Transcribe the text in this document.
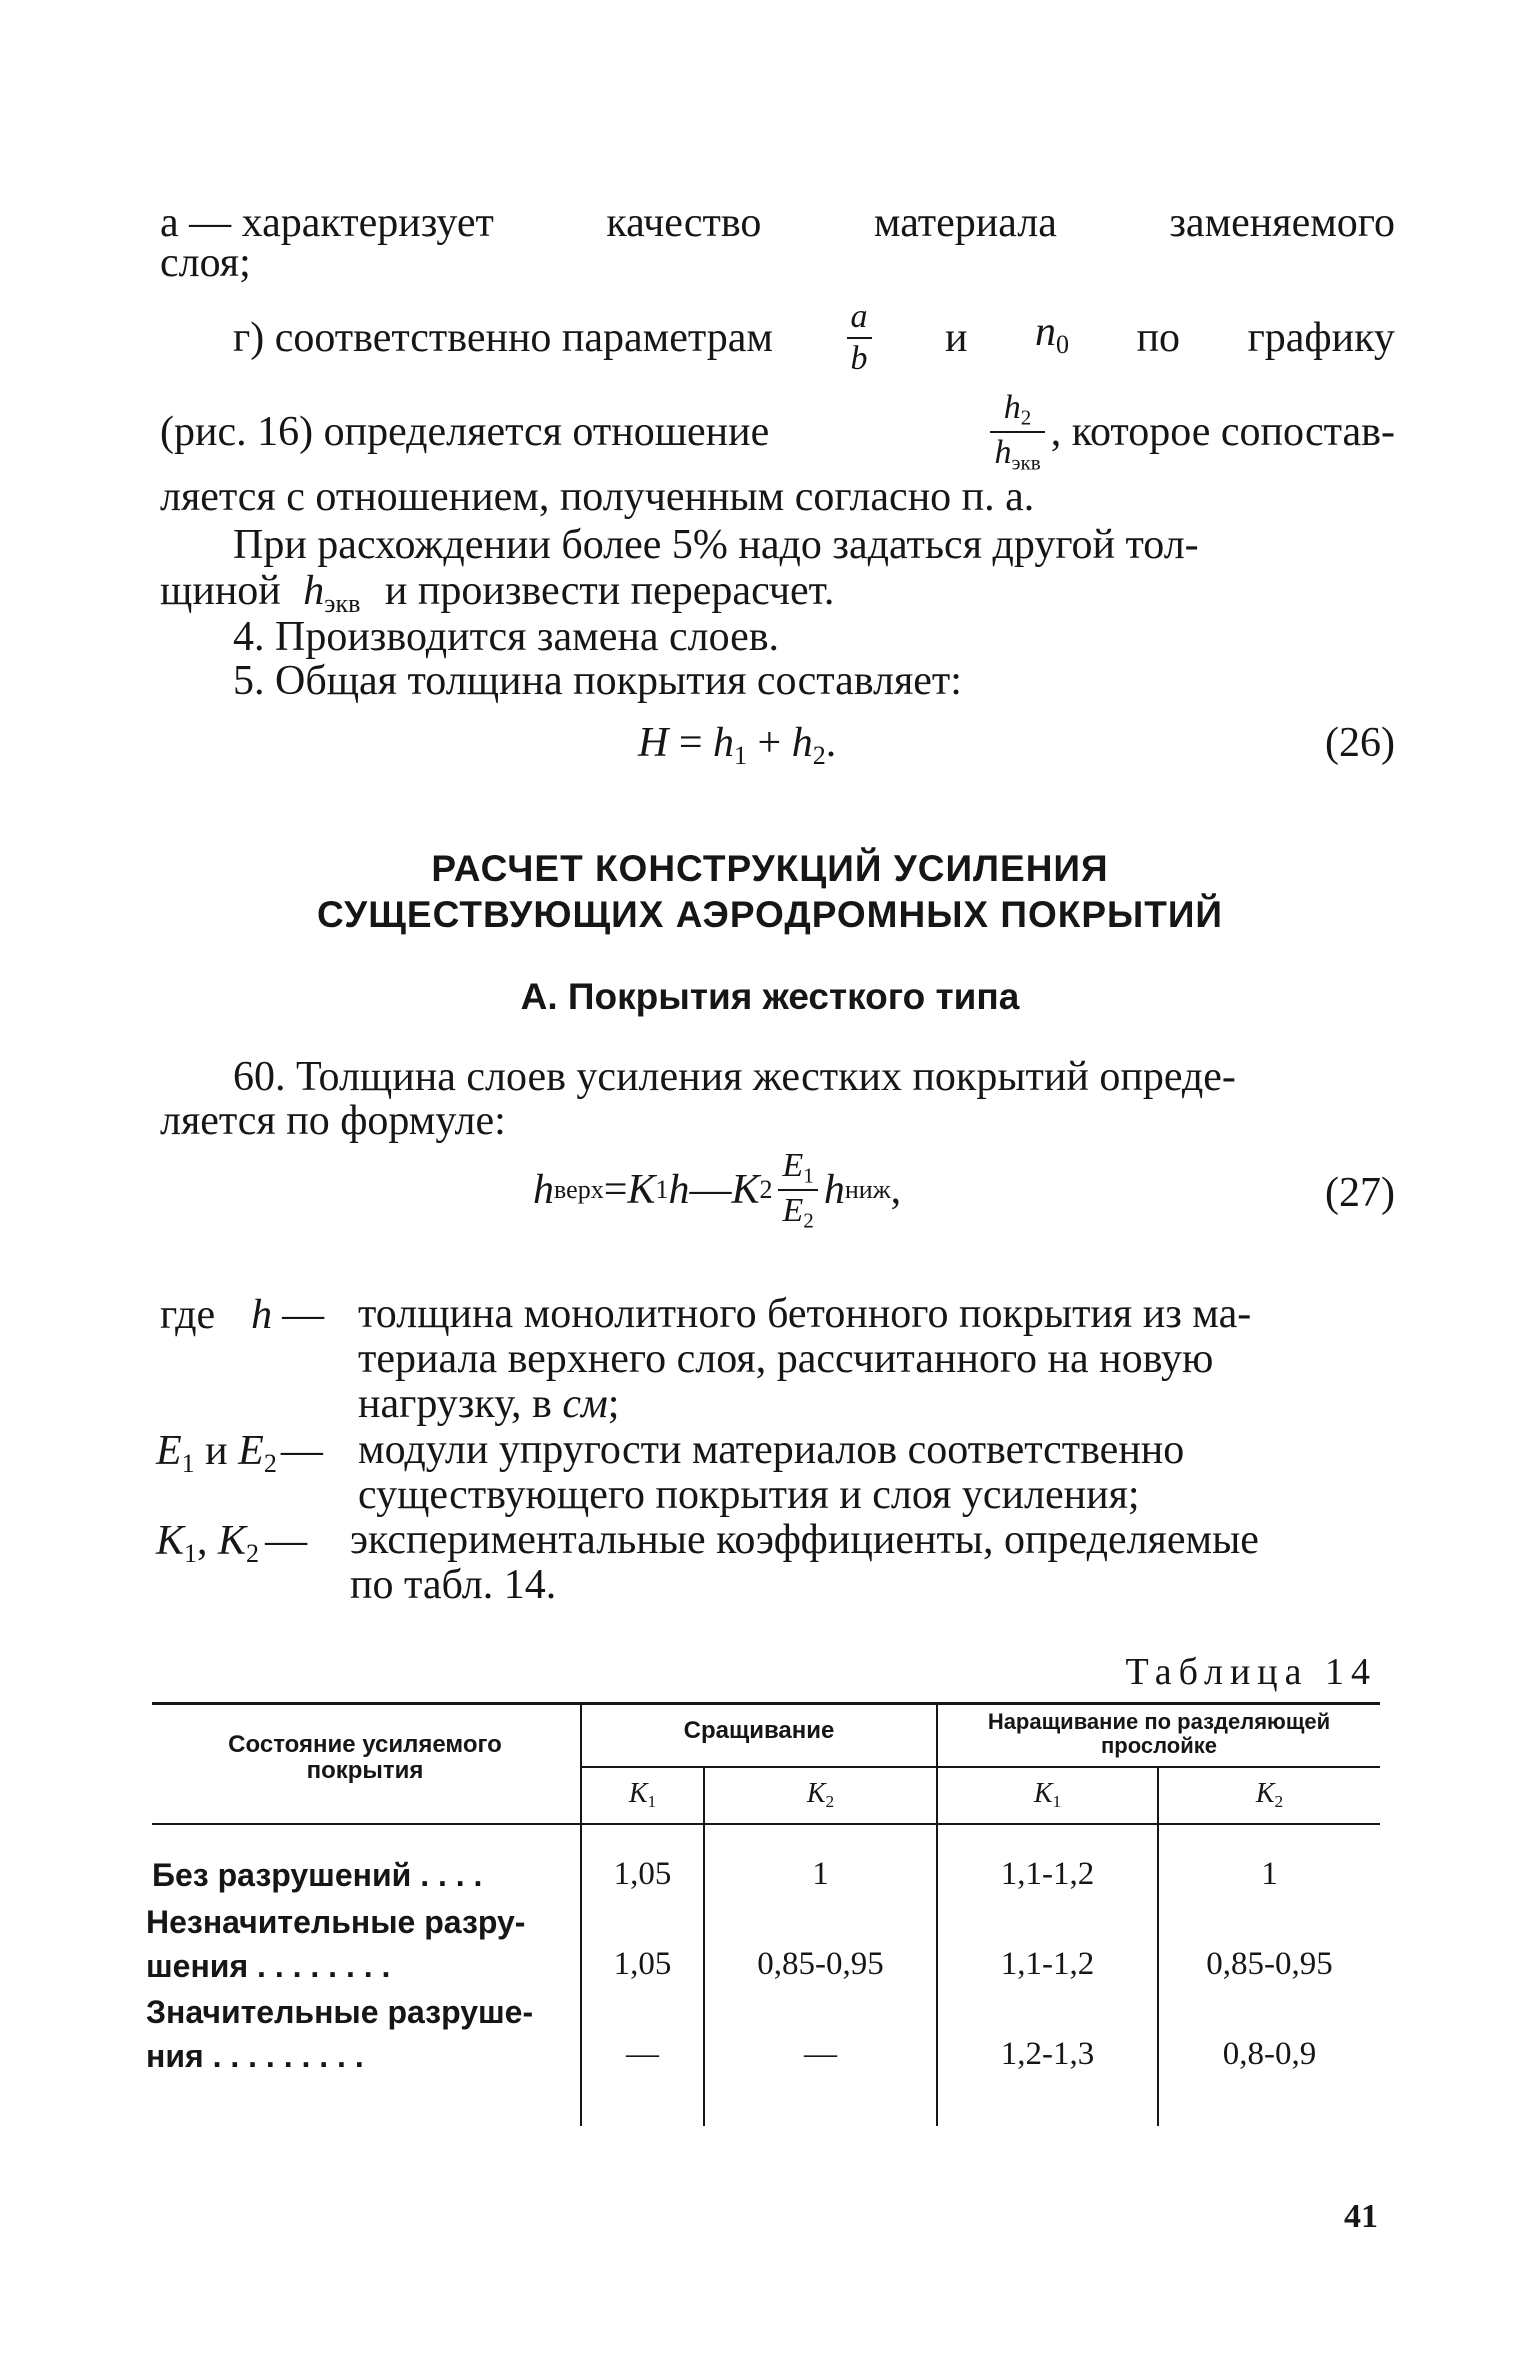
а — характеризует	качество	материала	заменяемого
слоя;
г) соответственно параметрам $\frac{a}{b}$ и $n_0$ по графику
(рис. 16) определяется отношение	$\frac{h_2}{h_{экв}}$ , которое сопостав-
ляется с отношением, полученным согласно п. а.
При расхождении более 5% надо задаться другой тол-
щиной $h_{экв}$ и произвести перерасчет.
4. Производится замена слоев.
5. Общая толщина покрытия составляет:
$H = h_1 + h_2$.	(26)
РАСЧЕТ КОНСТРУКЦИЙ УСИЛЕНИЯ
СУЩЕСТВУЮЩИХ АЭРОДРОМНЫХ ПОКРЫТИЙ
А. Покрытия жесткого типа
60. Толщина слоев усиления жестких покрытий опреде-
ляется по формуле:
h верх = K 1 h — K $2 \frac{E_1}{E_2}$ h ниж ,	(27)
где h — толщина монолитного бетонного покрытия из ма-
териала верхнего слоя, рассчитанного на новую
нагрузку, в см;
$E_1$ и $E_2—$ модули упругости материалов соответственно
существующего покрытия и слоя усиления;
$K_1$, $K_2$ — экспериментальные коэффициенты, определяемые
по табл. 14.
Таблица 14
Состояние усиляемого
покрытия
Сращивание	Наращивание по разделяющей
прослойке
$K_1$	$K_2$	$K_1$	$K_2$
Без разрушений . . . .	1,05	1	1,1-1,2	1
Незначительные разру-
шения . . . . . . . .	1,05	0,85-0,95	1,1-1,2	0,85-0,95
Значительные разруше-
ния . . . . . . . . .	—	—	1,2-1,3	0,8-0,9
41
